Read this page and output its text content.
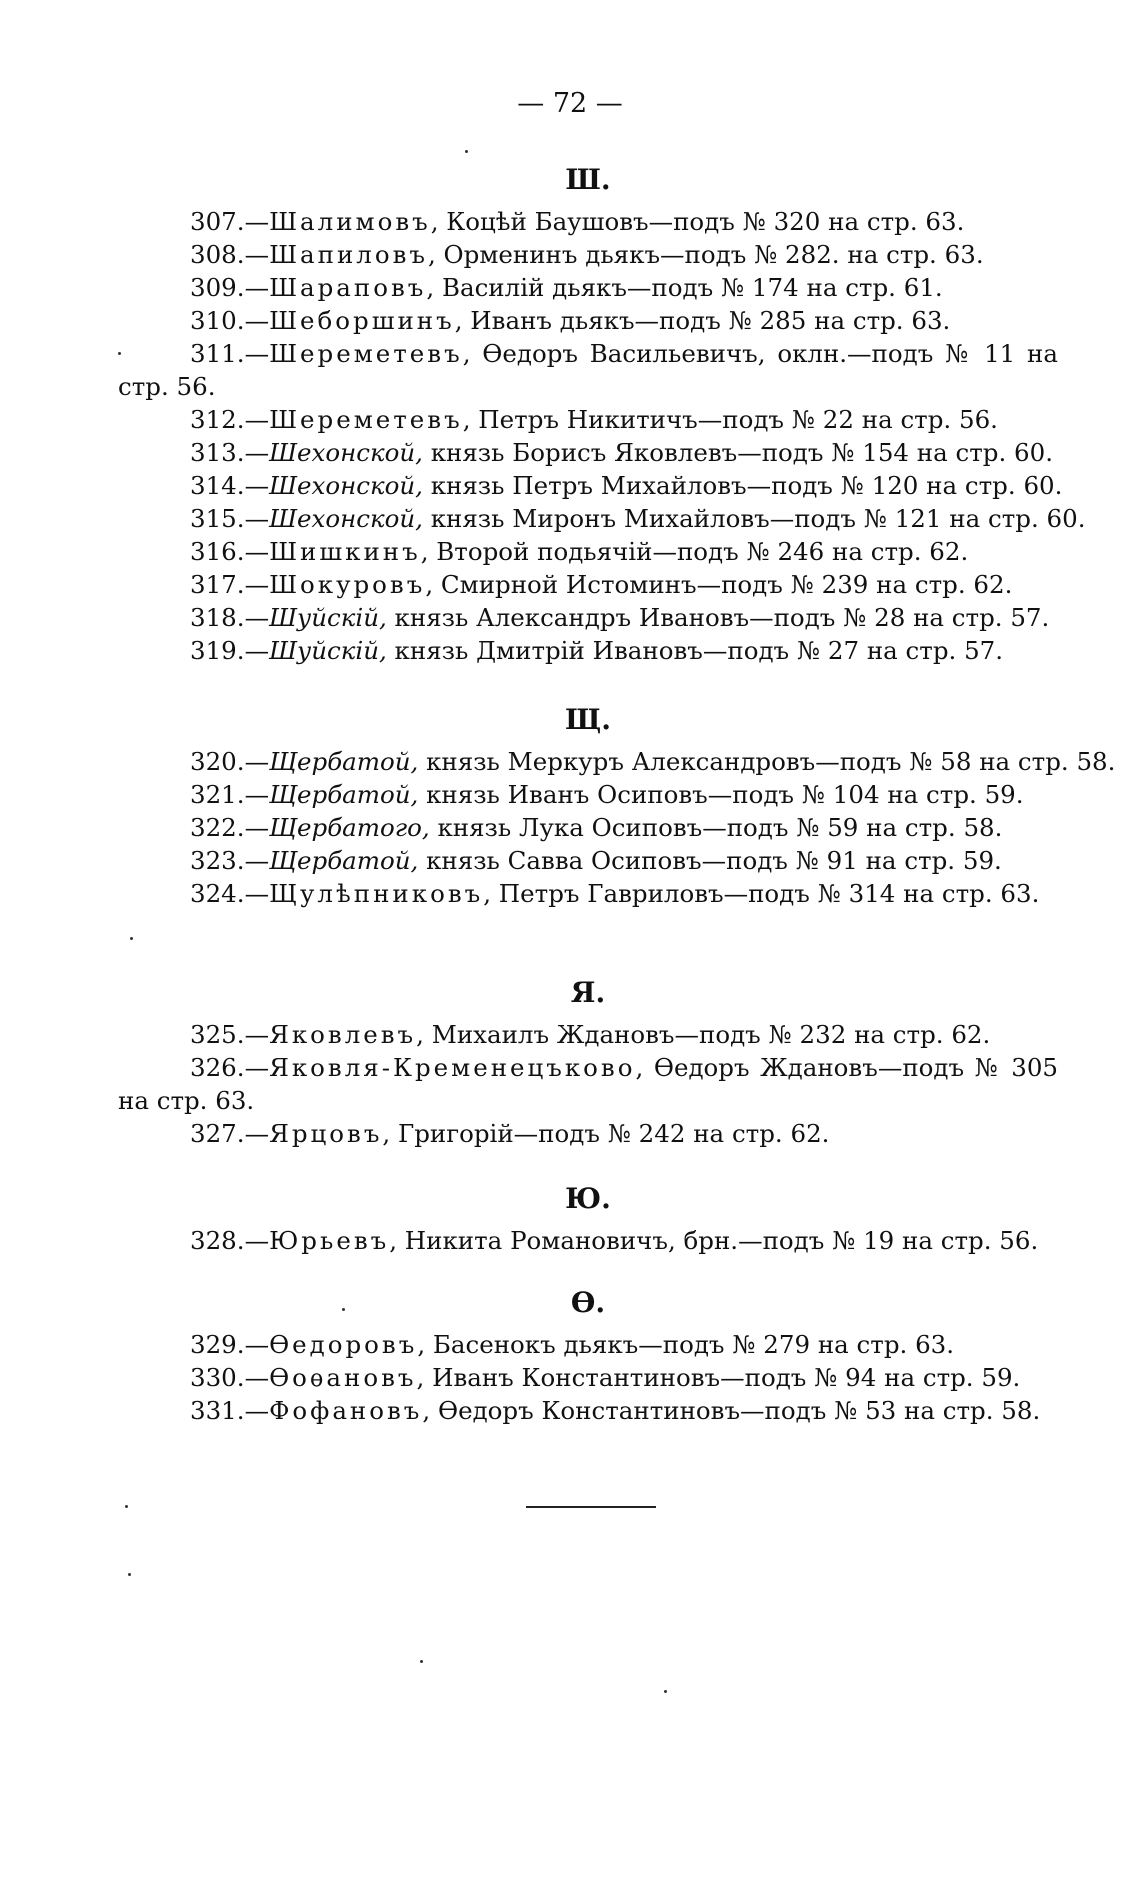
— 72 —
Ш.
307.—Шалимовъ, Коцѣй Баушовъ—подъ № 320 на стр. 63.
308.—Шапиловъ, Орменинъ дьякъ—подъ № 282. на стр. 63.
309.—Шараповъ, Василій дьякъ—подъ № 174 на стр. 61.
310.—Шеборшинъ, Иванъ дьякъ—подъ № 285 на стр. 63.
311.—Шереметевъ, Ѳедоръ Васильевичъ, оклн.—подъ № 11 на стр. 56.
312.—Шереметевъ, Петръ Никитичъ—подъ № 22 на стр. 56.
313.—Шехонской, князь Борисъ Яковлевъ—подъ № 154 на стр. 60.
314.—Шехонской, князь Петръ Михайловъ—подъ № 120 на стр. 60.
315.—Шехонской, князь Миронъ Михайловъ—подъ № 121 на стр. 60.
316.—Шишкинъ, Второй подьячій—подъ № 246 на стр. 62.
317.—Шокуровъ, Смирной Истоминъ—подъ № 239 на стр. 62.
318.—Шуйскій, князь Александръ Ивановъ—подъ № 28 на стр. 57.
319.—Шуйскій, князь Дмитрій Ивановъ—подъ № 27 на стр. 57.
Щ.
320.—Щербатой, князь Меркуръ Александровъ—подъ № 58 на стр. 58.
321.—Щербатой, князь Иванъ Осиповъ—подъ № 104 на стр. 59.
322.—Щербатого, князь Лука Осиповъ—подъ № 59 на стр. 58.
323.—Щербатой, князь Савва Осиповъ—подъ № 91 на стр. 59.
324.—Щулѣпниковъ, Петръ Гавриловъ—подъ № 314 на стр. 63.
Я.
325.—Яковлевъ, Михаилъ Ждановъ—подъ № 232 на стр. 62.
326.—Яковля-Кременецъково, Ѳедоръ Ждановъ—подъ № 305 на стр. 63.
327.—Ярцовъ, Григорій—подъ № 242 на стр. 62.
Ю.
328.—Юрьевъ, Никита Романовичъ, брн.—подъ № 19 на стр. 56.
Ѳ.
329.—Ѳедоровъ, Басенокъ дьякъ—подъ № 279 на стр. 63.
330.—Ѳоѳановъ, Иванъ Константиновъ—подъ № 94 на стр. 59.
331.—Фофановъ, Ѳедоръ Константиновъ—подъ № 53 на стр. 58.
